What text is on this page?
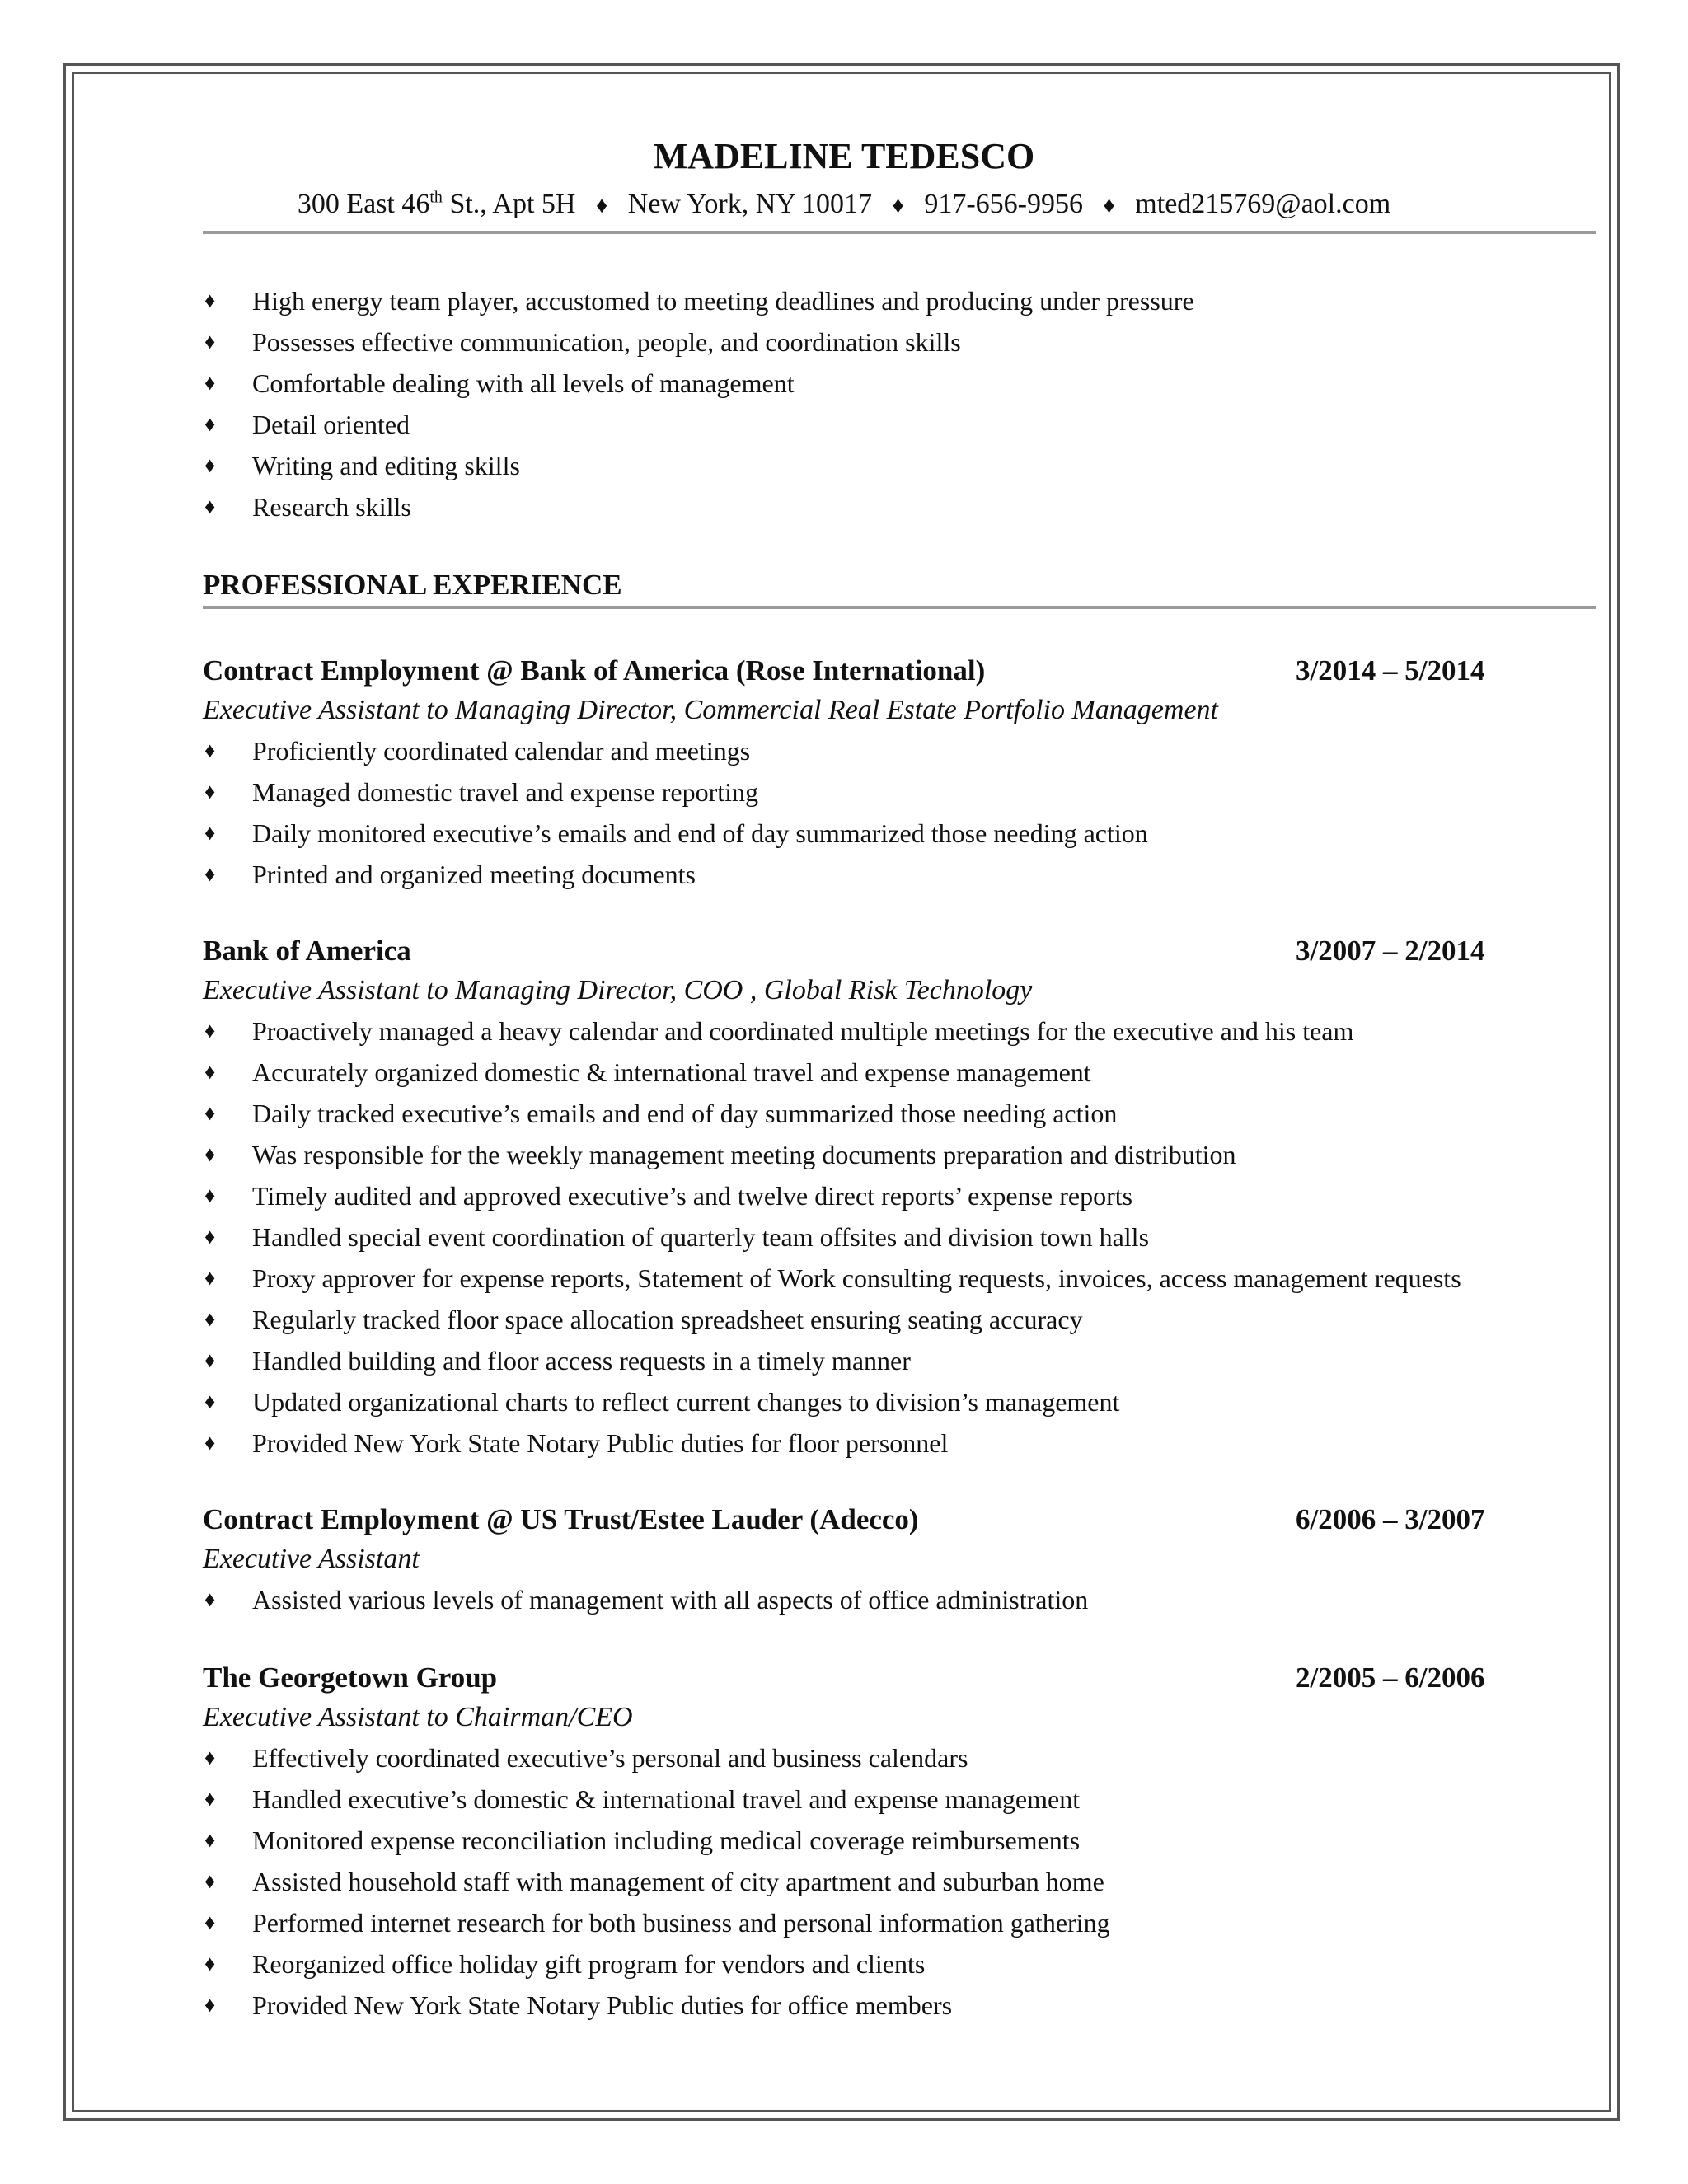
MADELINE TEDESCO
300 East 46th St., Apt 5H ♦ New York, NY 10017 ♦ 917-656-9956 ♦ mted215769@aol.com
♦ High energy team player, accustomed to meeting deadlines and producing under pressure
♦ Possesses effective communication, people, and coordination skills
♦ Comfortable dealing with all levels of management
♦ Detail oriented
♦ Writing and editing skills
♦ Research skills
PROFESSIONAL EXPERIENCE
Contract Employment @ Bank of America (Rose International)	3/2014 – 5/2014
Executive Assistant to Managing Director, Commercial Real Estate Portfolio Management
♦ Proficiently coordinated calendar and meetings
♦ Managed domestic travel and expense reporting
♦ Daily monitored executive’s emails and end of day summarized those needing action
♦ Printed and organized meeting documents
Bank of America	3/2007 – 2/2014
Executive Assistant to Managing Director, COO , Global Risk Technology
♦ Proactively managed a heavy calendar and coordinated multiple meetings for the executive and his team
♦ Accurately organized domestic & international travel and expense management
♦ Daily tracked executive’s emails and end of day summarized those needing action
♦ Was responsible for the weekly management meeting documents preparation and distribution
♦ Timely audited and approved executive’s and twelve direct reports’ expense reports
♦ Handled special event coordination of quarterly team offsites and division town halls
♦ Proxy approver for expense reports, Statement of Work consulting requests, invoices, access management requests
♦ Regularly tracked floor space allocation spreadsheet ensuring seating accuracy
♦ Handled building and floor access requests in a timely manner
♦ Updated organizational charts to reflect current changes to division’s management
♦ Provided New York State Notary Public duties for floor personnel
Contract Employment @ US Trust/Estee Lauder (Adecco)	6/2006 – 3/2007
Executive Assistant
♦ Assisted various levels of management with all aspects of office administration
The Georgetown Group	2/2005 – 6/2006
Executive Assistant to Chairman/CEO
♦ Effectively coordinated executive’s personal and business calendars
♦ Handled executive’s domestic & international travel and expense management
♦ Monitored expense reconciliation including medical coverage reimbursements
♦ Assisted household staff with management of city apartment and suburban home
♦ Performed internet research for both business and personal information gathering
♦ Reorganized office holiday gift program for vendors and clients
♦ Provided New York State Notary Public duties for office members
